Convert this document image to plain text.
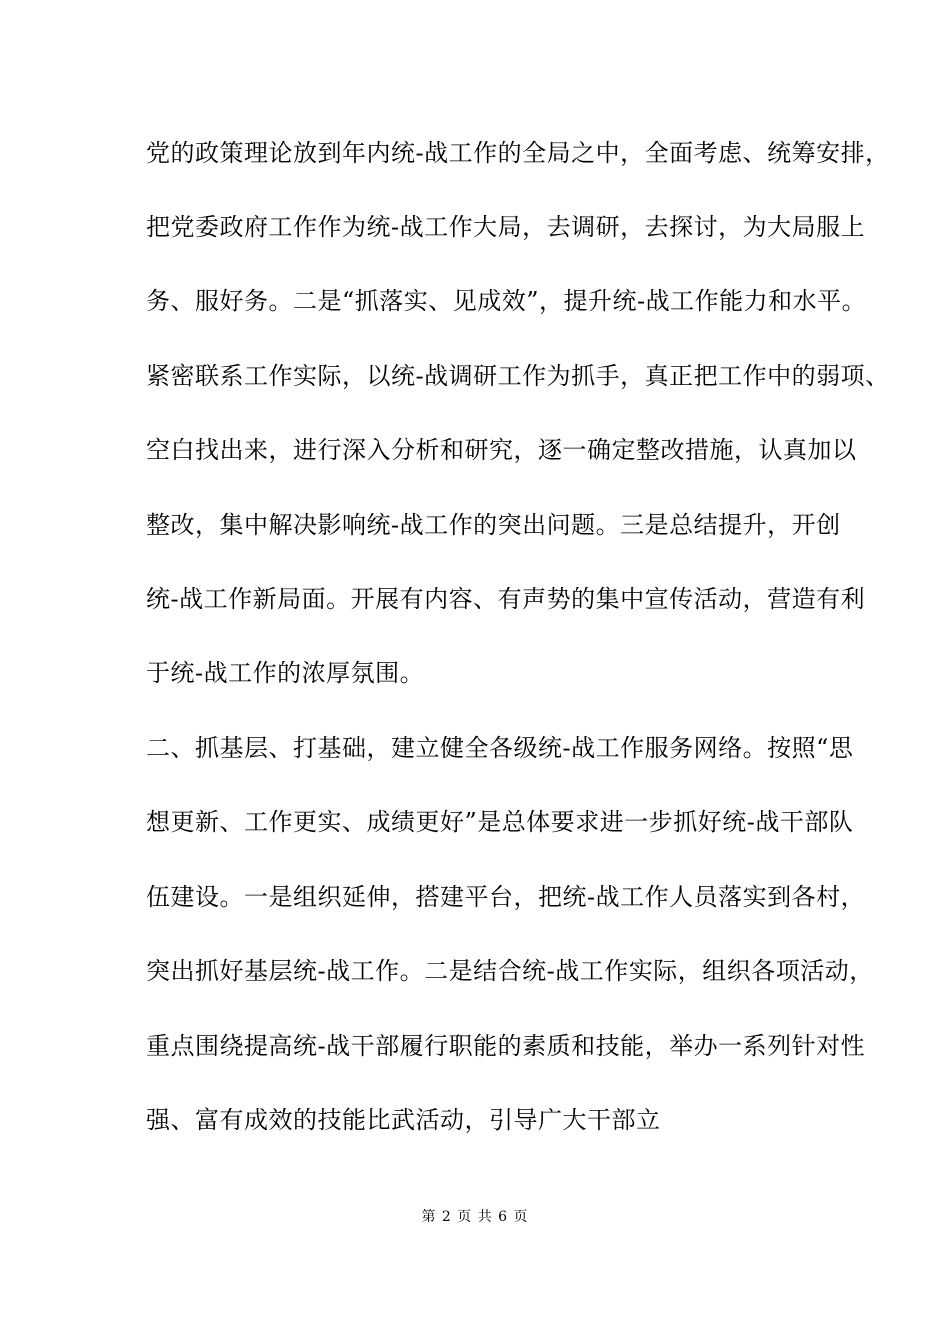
党的政策理论放到年内统-战工作的全局之中，全面考虑、统筹安排，
把党委政府工作作为统-战工作大局，去调研，去探讨，为大局服上
务、服好务。二是“抓落实、见成效”，提升统-战工作能力和水平。
紧密联系工作实际，以统-战调研工作为抓手，真正把工作中的弱项、
空白找出来，进行深入分析和研究，逐一确定整改措施，认真加以
整改，集中解决影响统-战工作的突出问题。三是总结提升，开创
统-战工作新局面。开展有内容、有声势的集中宣传活动，营造有利
于统-战工作的浓厚氛围。
二、抓基层、打基础，建立健全各级统-战工作服务网络。按照“思
想更新、工作更实、成绩更好”是总体要求进一步抓好统-战干部队
伍建设。一是组织延伸，搭建平台，把统-战工作人员落实到各村，
突出抓好基层统-战工作。二是结合统-战工作实际，组织各项活动，
重点围绕提高统-战干部履行职能的素质和技能，举办一系列针对性
强、富有成效的技能比武活动，引导广大干部立
第 2 页 共 6 页
